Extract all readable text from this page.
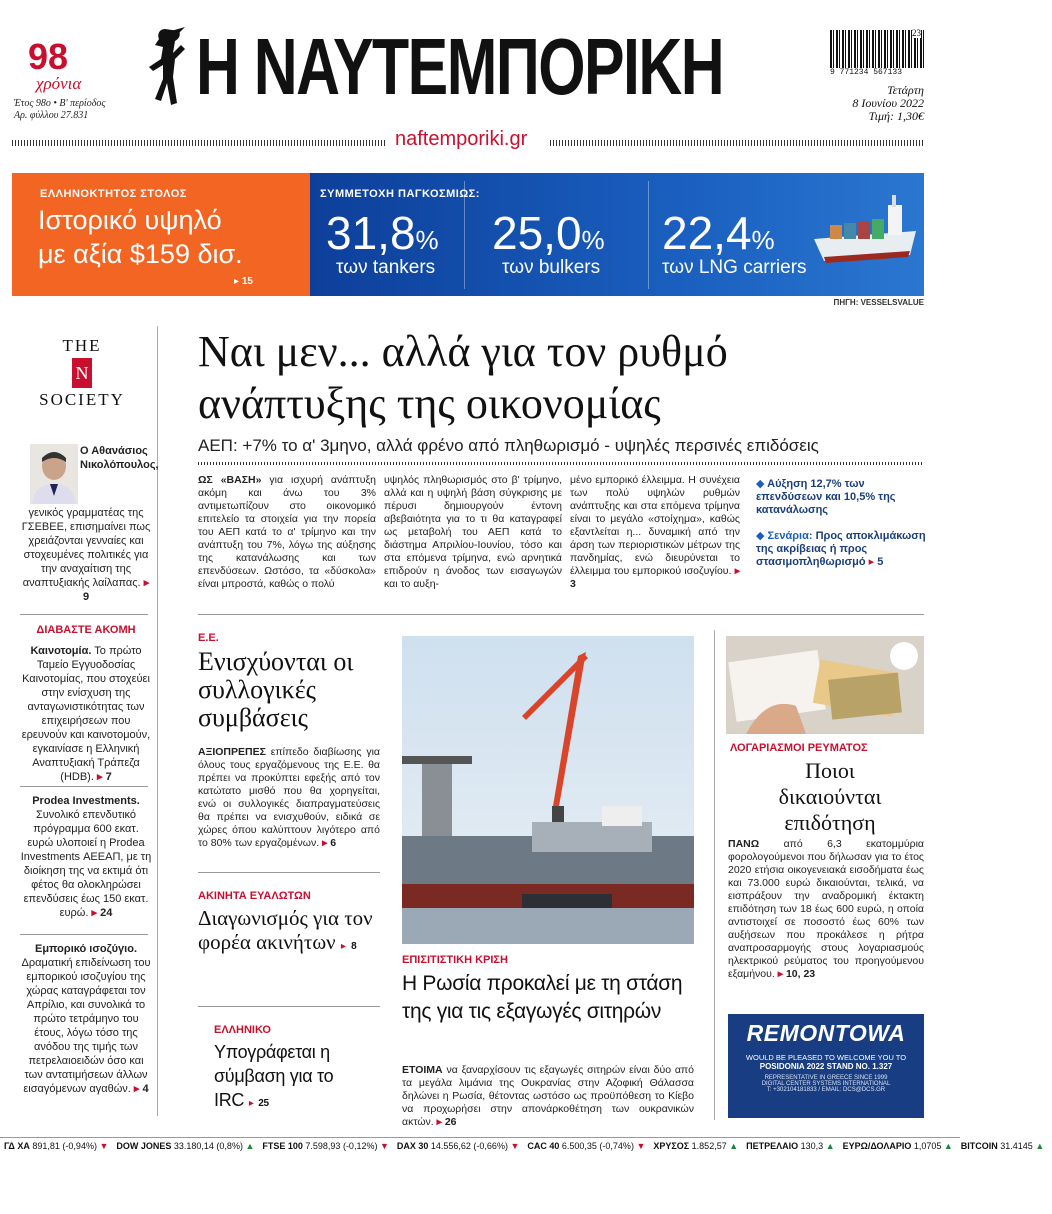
98
χρόνια
Έτος 98ο • Β' περίοδος
Αρ. φύλλου 27.831
Η ΝΑΥΤΕΜΠΟΡΙΚΗ	23
9 771234 567133
Τετάρτη
8 Ιουνίου 2022
Τιμή: 1,30€
naftemporiki.gr
ΕΛΛΗΝΟΚΤΗΤΟΣ ΣΤΟΛΟΣ
Ιστορικό υψηλό
με αξία $159 δισ.
▸ 15
ΣΥΜΜΕΤΟΧΗ ΠΑΓΚΟΣΜΙΩΣ:
31,8%
των tankers
25,0%
των bulkers
22,4%
των LNG carriers
ΠΗΓΗ: VESSELSVALUE
THE
N
SOCIETY
Ο Αθανάσιος Νικολόπουλος,
γενικός γραμματέας της ΓΣΕΒΕΕ, επισημαίνει πως χρειάζονται γενναίες και στοχευμένες πολιτικές για την αναχαίτιση της αναπτυξιακής λαίλαπας. ▸ 9
ΔΙΑΒΑΣΤΕ ΑΚΟΜΗ
Καινοτομία. Το πρώτο Ταμείο Εγγυοδοσίας Καινοτομίας, που στοχεύει στην ενίσχυση της ανταγωνιστικότητας των επιχειρήσεων που ερευνούν και καινοτομούν, εγκαινίασε η Ελληνική Αναπτυξιακή Τράπεζα (HDB). ▸ 7
Prodea Investments. Συνολικό επενδυτικό πρόγραμμα 600 εκατ. ευρώ υλοποιεί η Prodea Investments ΑΕΕΑΠ, με τη διοίκηση της να εκτιμά ότι φέτος θα ολοκληρώσει επενδύσεις έως 150 εκατ. ευρώ. ▸ 24
Εμπορικό ισοζύγιο. Δραματική επιδείνωση του εμπορικού ισοζυγίου της χώρας καταγράφεται τον Απρίλιο, και συνολικά το πρώτο τετράμηνο του έτους, λόγω τόσο της ανόδου της τιμής των πετρελαιοειδών όσο και των αντατιμήσεων άλλων εισαγόμενων αγαθών. ▸ 4
Ναι μεν... αλλά για τον ρυθμό
ανάπτυξης της οικονομίας
ΑΕΠ: +7% το α' 3μηνο, αλλά φρένο από πληθωρισμό - υψηλές περσινές επιδόσεις
ΩΣ «ΒΑΣΗ» για ισχυρή ανάπτυξη ακόμη και άνω του 3% αντιμετωπίζουν στο οικονομικό επιτελείο τα στοιχεία για την πορεία του ΑΕΠ κατά το α' τρίμηνο και την ανάπτυξη του 7%, λόγω της αύξησης της κατανάλωσης και των επενδύσεων. Ωστόσο, τα «δύσκολα» είναι μπροστά, καθώς ο πολύ
υψηλός πληθωρισμός στο β' τρίμηνο, αλλά και η υψηλή βάση σύγκρισης με πέρυσι δημιουργούν έντονη αβεβαιότητα για το τι θα καταγραφεί ως μεταβολή του ΑΕΠ κατά το διάστημα Απριλίου-Ιουνίου, τόσο και στα επόμενα τρίμηνα, ενώ αρνητικά επιδρούν η άνοδος των εισαγωγών και το αυξη-
μένο εμπορικό έλλειμμα. Η συνέχεια των πολύ υψηλών ρυθμών ανάπτυξης και στα επόμενα τρίμηνα είναι το μεγάλο «στοίχημα», καθώς εξαντλείται η... δυναμική από την άρση των περιοριστικών μέτρων της πανδημίας, ενώ διευρύνεται το έλλειμμα του εμπορικού ισοζυγίου. ▸ 3
◆ Αύξηση 12,7% των επενδύσεων και 10,5% της κατανάλωσης
◆ Σενάρια: Προς αποκλιμάκωση της ακρίβειας ή προς στασιμοπληθωρισμό ▸ 5
Ε.Ε.
Ενισχύονται οι συλλογικές συμβάσεις
ΑΞΙΟΠΡΕΠΕΣ επίπεδο διαβίωσης για όλους τους εργαζόμενους της Ε.Ε. θα πρέπει να προκύπτει εφεξής από τον κατώτατο μισθό που θα χορηγείται, ενώ οι συλλογικές διαπραγματεύσεις θα πρέπει να ενισχυθούν, ειδικά σε χώρες όπου καλύπτουν λιγότερο από το 80% των εργαζομένων. ▸ 6
ΑΚΙΝΗΤΑ ΕΥΑΛΩΤΩΝ
Διαγωνισμός για τον φορέα ακινήτων ▸ 8
ΕΛΛΗΝΙΚΟ
Υπογράφεται η σύμβαση για το IRC ▸ 25
ΕΠΙΣΙΤΙΣΤΙΚΗ ΚΡΙΣΗ
Η Ρωσία προκαλεί με τη στάση της για τις εξαγωγές σιτηρών
ΕΤΟΙΜΑ να ξαναρχίσουν τις εξαγωγές σιτηρών είναι δύο από τα μεγάλα λιμάνια της Ουκρανίας στην Αζοφική Θάλασσα δηλώνει η Ρωσία, θέτοντας ωστόσο ως προϋπόθεση το Κίεβο να προχωρήσει στην απονάρκοθέτηση των ουκρανικών ακτών. ▸ 26
ΛΟΓΑΡΙΑΣΜΟΙ ΡΕΥΜΑΤΟΣ
Ποιοι δικαιούνται επιδότηση
ΠΑΝΩ από 6,3 εκατομμύρια φορολογούμενοι που δήλωσαν για το έτος 2020 ετήσια οικογενειακά εισοδήματα έως και 73.000 ευρώ δικαιούνται, τελικά, να εισπράξουν την αναδρομική έκτακτη επιδότηση των 18 έως 600 ευρώ, η οποία αντιστοιχεί σε ποσοστό έως 60% των αυξήσεων που προκάλεσε η ρήτρα αναπροσαρμογής στους λογαριασμούς ηλεκτρικού ρεύματος του προηγούμενου εξαμήνου. ▸ 10, 23
REMONTOWA
WOULD BE PLEASED TO WELCOME YOU TO
POSIDONIA 2022 STAND NO. 1.327
REPRESENTATIVE IN GREECE SINCE 1999
DIGITAL CENTER SYSTEMS INTERNATIONAL
T: +302104181833 / EMAIL: DCS@DCS.GR
ΓΔ ΧΑ 891,81 (-0,94%) ▼ DOW JONES 33.180,14 (0,8%) ▲ FTSE 100 7.598,93 (-0,12%) ▼ DAX 30 14.556,62 (-0,66%) ▼ CAC 40 6.500,35 (-0,74%) ▼ ΧΡΥΣΟΣ 1.852,57 ▲ ΠΕΤΡΕΛΑΙΟ 130,3 ▲ ΕΥΡΩ/ΔΟΛΑΡΙΟ 1,0705 ▲ BITCOIN 31.4145 ▲
